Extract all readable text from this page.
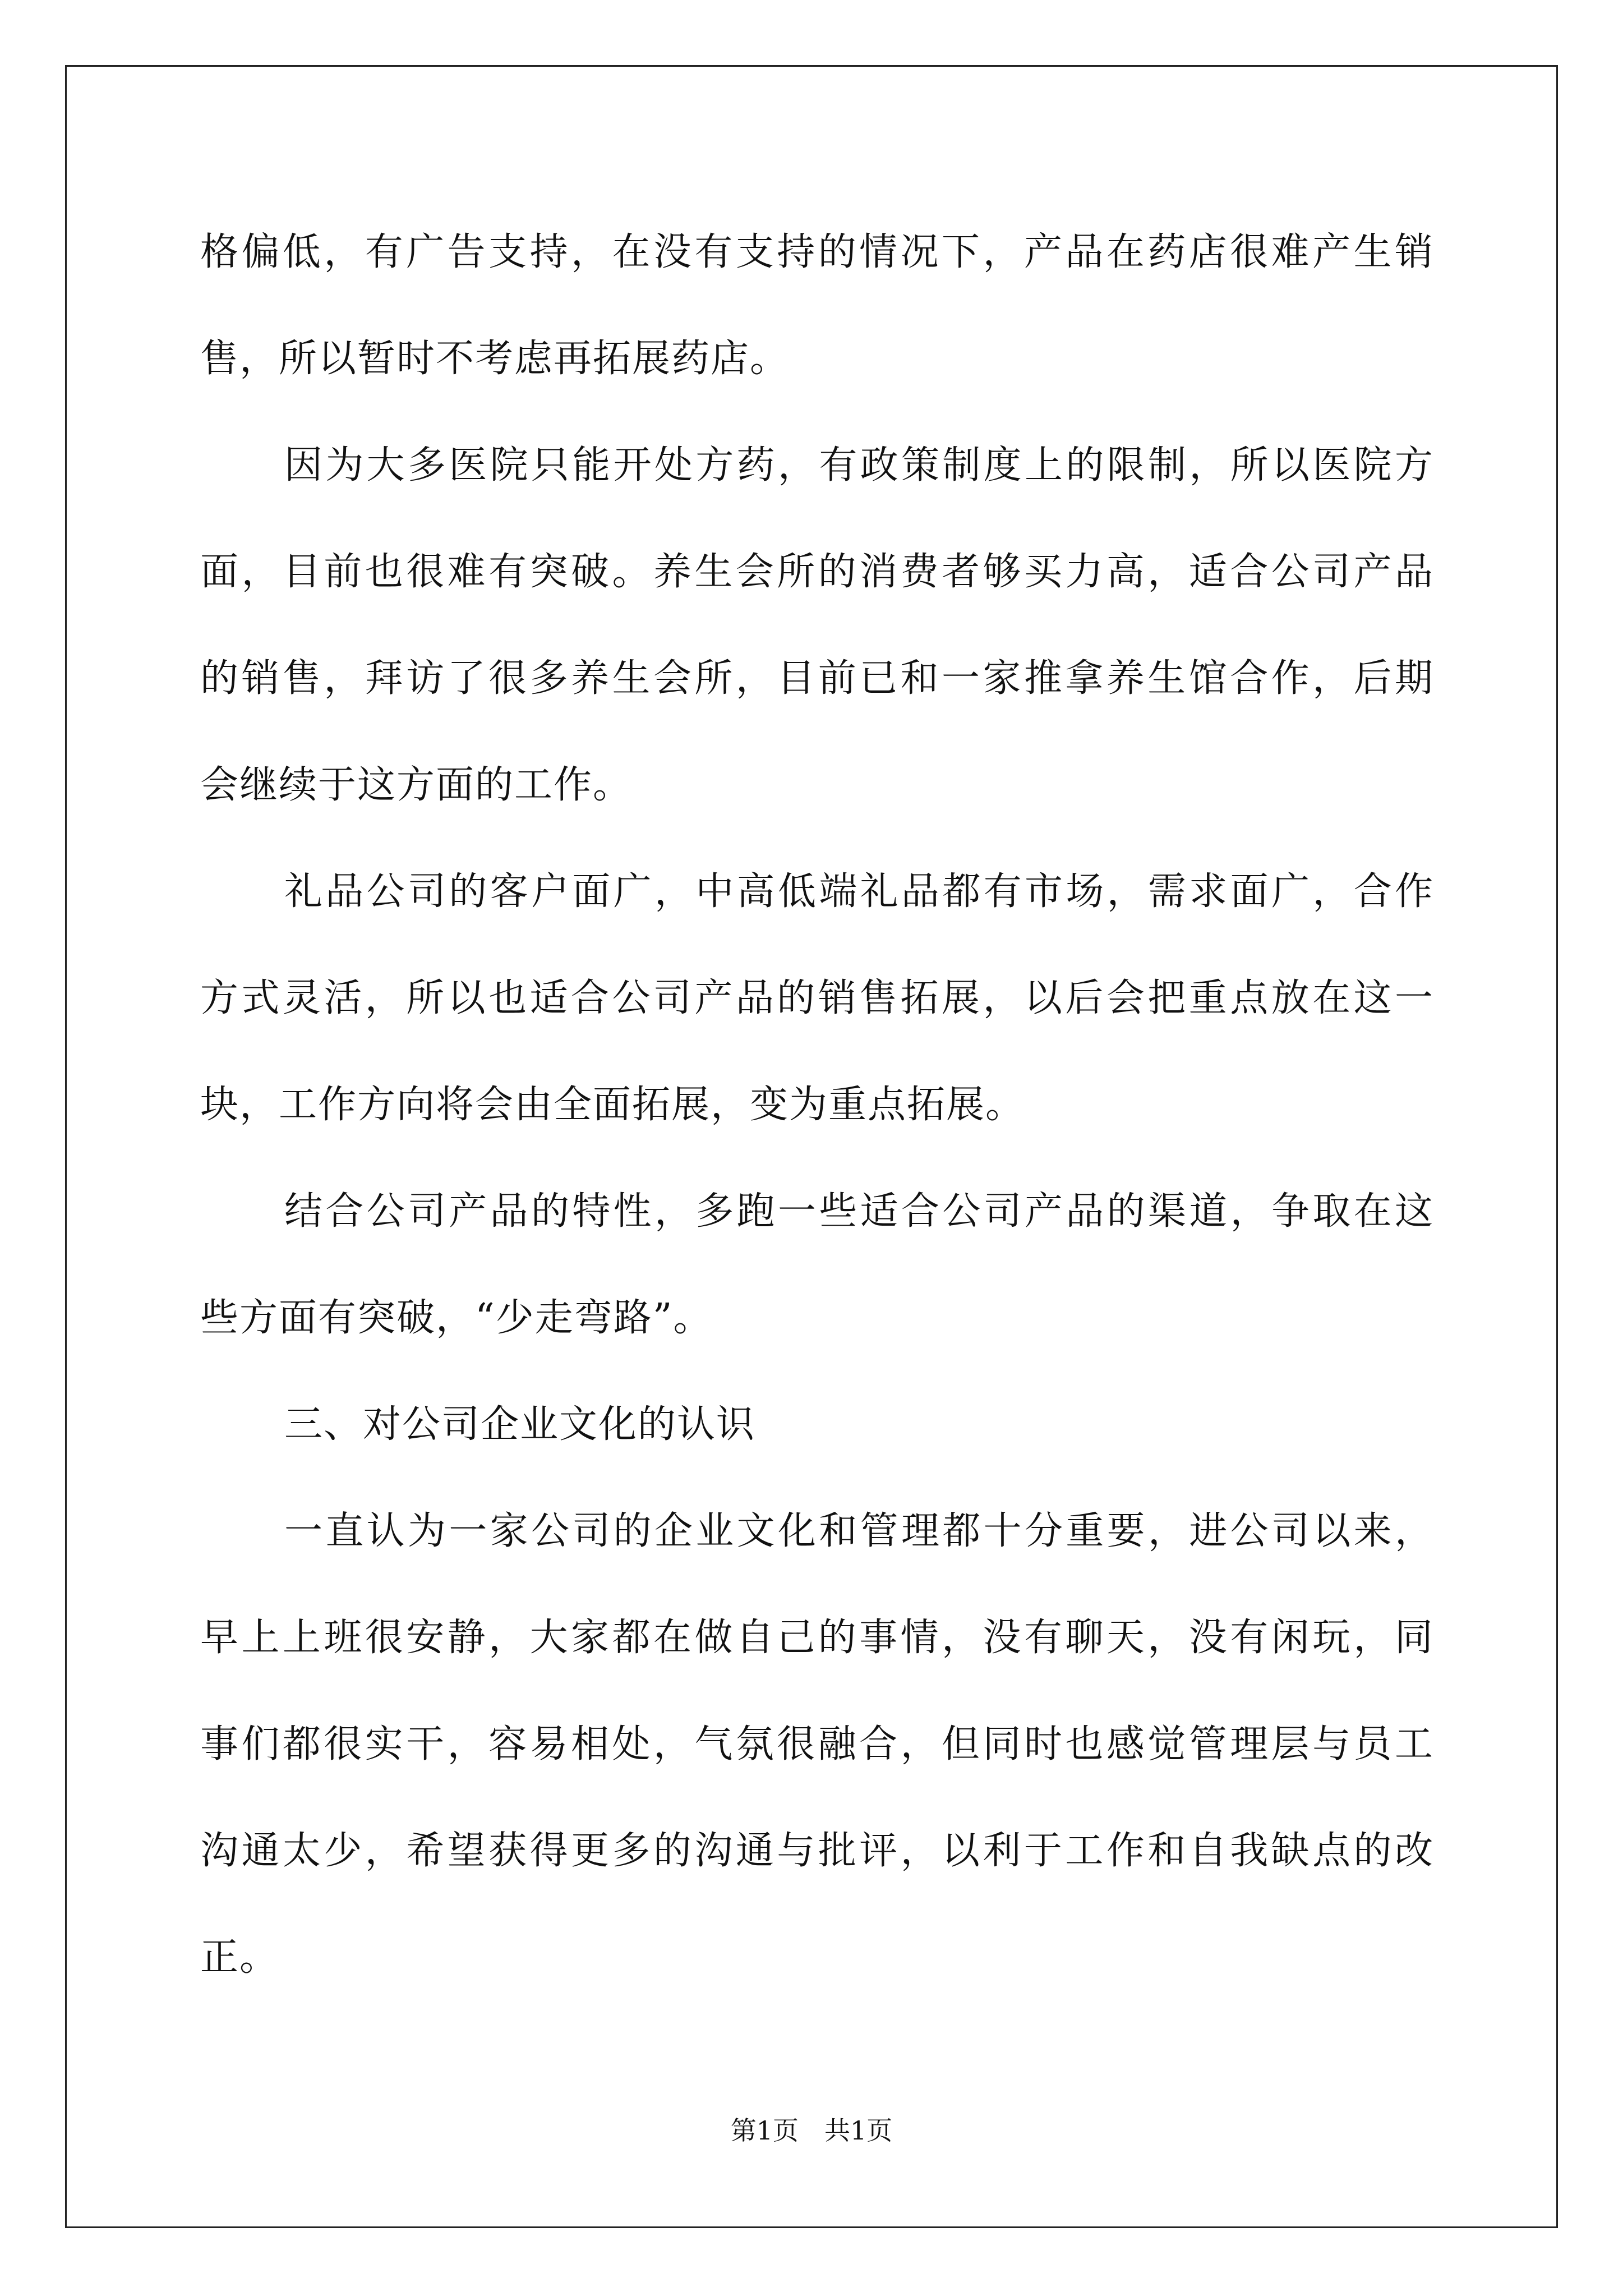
格偏低，有广告支持，在没有支持的情况下，产品在药店很难产生销
售，所以暂时不考虑再拓展药店。
因为大多医院只能开处方药，有政策制度上的限制，所以医院方
面，目前也很难有突破。养生会所的消费者够买力高，适合公司产品
的销售，拜访了很多养生会所，目前已和一家推拿养生馆合作，后期
会继续于这方面的工作。
礼品公司的客户面广，中高低端礼品都有市场，需求面广，合作
方式灵活，所以也适合公司产品的销售拓展，以后会把重点放在这一
块，工作方向将会由全面拓展，变为重点拓展。
结合公司产品的特性，多跑一些适合公司产品的渠道，争取在这
些方面有突破，“少走弯路”。
三、对公司企业文化的认识
一直认为一家公司的企业文化和管理都十分重要，进公司以来，
早上上班很安静，大家都在做自己的事情，没有聊天，没有闲玩，同
事们都很实干，容易相处，气氛很融合，但同时也感觉管理层与员工
沟通太少，希望获得更多的沟通与批评，以利于工作和自我缺点的改
正。
第1页　共1页
